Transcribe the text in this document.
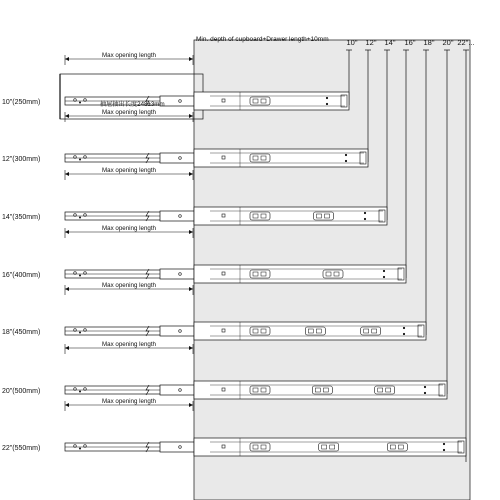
Min. depth of cupboard+Drawer length+10mm 10" 12" 14" 16" 18" 20" 22"...
10"(250mm)
Max opening length
12"(300mm)
Max opening length
抽屉抽出长度248±3mm
14"(350mm)
Max opening length
16"(400mm)
Max opening length
18"(450mm)
Max opening length
20"(500mm)
Max opening length
22"(550mm)
Max opening length
